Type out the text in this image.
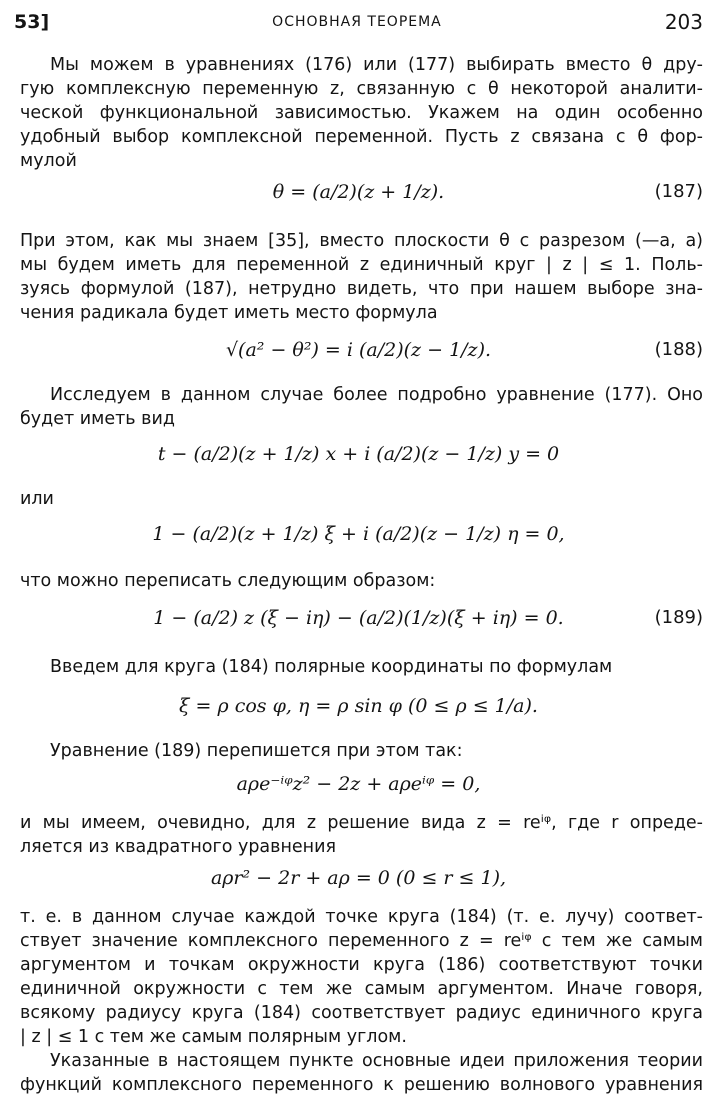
53]	ОСНОВНАЯ ТЕОРЕМА	203
Мы можем в уравнениях (176) или (177) выбирать вместо θ дру-
гую комплексную переменную z, связанную с θ некоторой аналити-
ческой функциональной зависимостью. Укажем на один особенно
удобный выбор комплексной переменной. Пусть z связана с θ фор-
мулой
θ = (a/2)(z + 1/z).	(187)
При этом, как мы знаем [35], вместо плоскости θ с разрезом (—a, a)
мы будем иметь для переменной z единичный круг | z | ≤ 1. Поль-
зуясь формулой (187), нетрудно видеть, что при нашем выборе зна-
чения радикала будет иметь место формула
√(a² − θ²) = i (a/2)(z − 1/z).	(188)
Исследуем в данном случае более подробно уравнение (177). Оно
будет иметь вид
t − (a/2)(z + 1/z) x + i (a/2)(z − 1/z) y = 0
или
1 − (a/2)(z + 1/z) ξ + i (a/2)(z − 1/z) η = 0,
что можно переписать следующим образом:
1 − (a/2) z (ξ − iη) − (a/2)(1/z)(ξ + iη) = 0.	(189)
Введем для круга (184) полярные координаты по формулам
ξ = ρ cos φ, η = ρ sin φ (0 ≤ ρ ≤ 1/a).
Уравнение (189) перепишется при этом так:
aρe⁻ⁱᵠz² − 2z + aρeⁱᵠ = 0,
и мы имеем, очевидно, для z решение вида z = reⁱᵠ, где r опреде-
ляется из квадратного уравнения
aρr² − 2r + aρ = 0 (0 ≤ r ≤ 1),
т. е. в данном случае каждой точке круга (184) (т. е. лучу) соответ-
ствует значение комплексного переменного z = reⁱᵠ с тем же самым
аргументом и точкам окружности круга (186) соответствуют точки
единичной окружности с тем же самым аргументом. Иначе говоря,
всякому радиусу круга (184) соответствует радиус единичного круга
| z | ≤ 1 с тем же самым полярным углом.
Указанные в настоящем пункте основные идеи приложения теории
функций комплексного переменного к решению волнового уравнения
